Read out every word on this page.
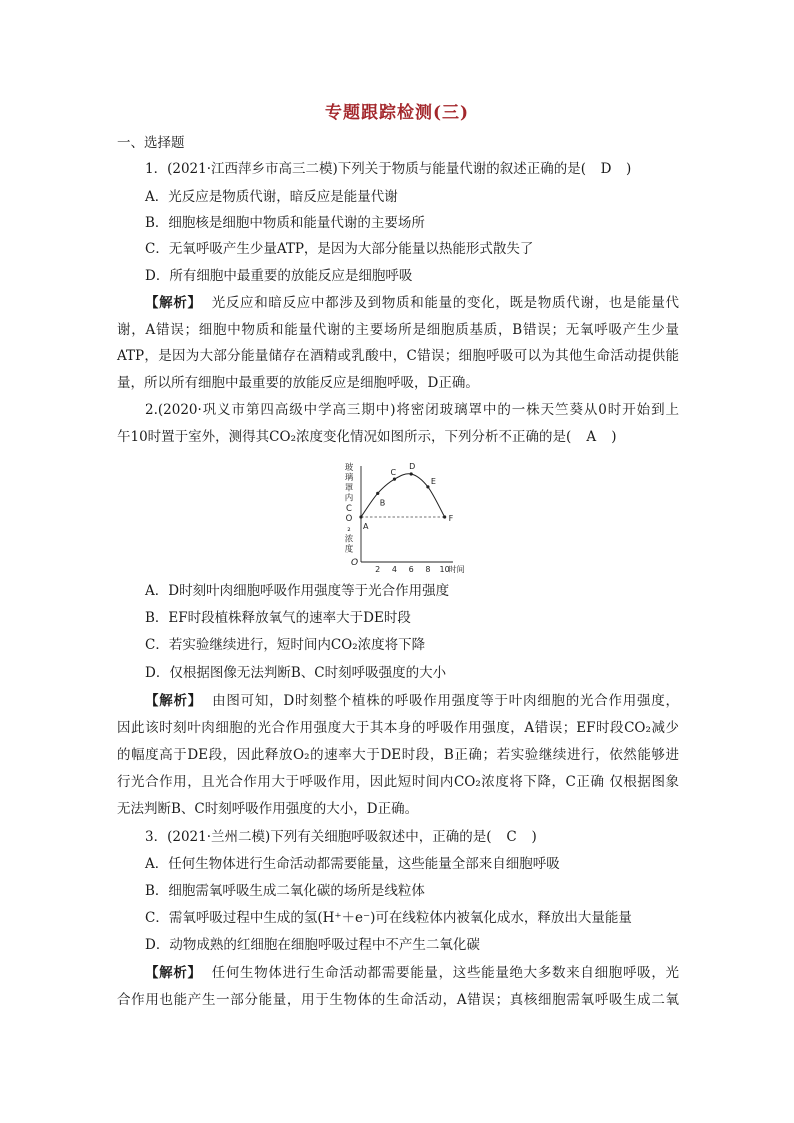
专题跟踪检测(三)
一、选择题
1．(2021·江西萍乡市高三二模)下列关于物质与能量代谢的叙述正确的是( D )
A．光反应是物质代谢，暗反应是能量代谢
B．细胞核是细胞中物质和能量代谢的主要场所
C．无氧呼吸产生少量ATP，是因为大部分能量以热能形式散失了
D．所有细胞中最重要的放能反应是细胞呼吸
【解析】 光反应和暗反应中都涉及到物质和能量的变化，既是物质代谢，也是能量代
谢，A错误；细胞中物质和能量代谢的主要场所是细胞质基质，B错误；无氧呼吸产生少量
ATP，是因为大部分能量储存在酒精或乳酸中，C错误；细胞呼吸可以为其他生命活动提供能
量，所以所有细胞中最重要的放能反应是细胞呼吸，D正确。
2.(2020·巩义市第四高级中学高三期中)将密闭玻璃罩中的一株天竺葵从0时开始到上
午10时置于室外，测得其CO₂浓度变化情况如图所示，下列分析不正确的是( A )
玻
璃
罩
内
C
O
₂
浓
度
O
2 4 6 8 10
时间
A
B
C
D
E
F
A．D时刻叶肉细胞呼吸作用强度等于光合作用强度
B．EF时段植株释放氧气的速率大于DE时段
C．若实验继续进行，短时间内CO₂浓度将下降
D．仅根据图像无法判断B、C时刻呼吸强度的大小
【解析】 由图可知，D时刻整个植株的呼吸作用强度等于叶肉细胞的光合作用强度，
因此该时刻叶肉细胞的光合作用强度大于其本身的呼吸作用强度，A错误；EF时段CO₂减少
的幅度高于DE段，因此释放O₂的速率大于DE时段，B正确；若实验继续进行，依然能够进
行光合作用，且光合作用大于呼吸作用，因此短时间内CO₂浓度将下降，C正确 仅根据图象
无法判断B、C时刻呼吸作用强度的大小，D正确。
3．(2021·兰州二模)下列有关细胞呼吸叙述中，正确的是( C )
A．任何生物体进行生命活动都需要能量，这些能量全部来自细胞呼吸
B．细胞需氧呼吸生成二氧化碳的场所是线粒体
C．需氧呼吸过程中生成的氢(H⁺＋e⁻)可在线粒体内被氧化成水，释放出大量能量
D．动物成熟的红细胞在细胞呼吸过程中不产生二氧化碳
【解析】 任何生物体进行生命活动都需要能量，这些能量绝大多数来自细胞呼吸，光
合作用也能产生一部分能量，用于生物体的生命活动，A错误；真核细胞需氧呼吸生成二氧
